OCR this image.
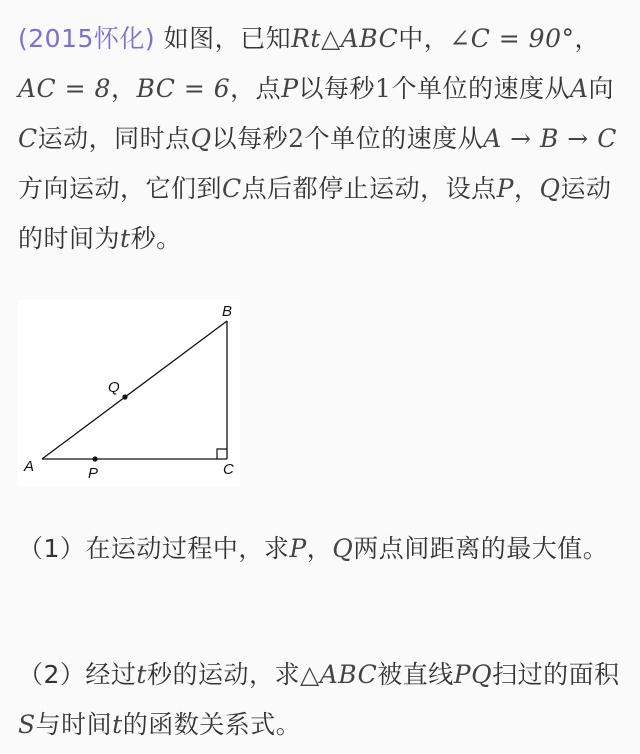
(2015怀化) 如图，已知Rt△ABC中，∠C = 90°，AC = 8，BC = 6，点P以每秒1个单位的速度从A向C运动，同时点Q以每秒2个单位的速度从A → B → C方向运动，它们到C点后都停止运动，设点P，Q运动的时间为t秒。
A
B
C
P
Q
（1）在运动过程中，求P，Q两点间距离的最大值。
（2）经过t秒的运动，求△ABC被直线PQ扫过的面积S与时间t的函数关系式。
